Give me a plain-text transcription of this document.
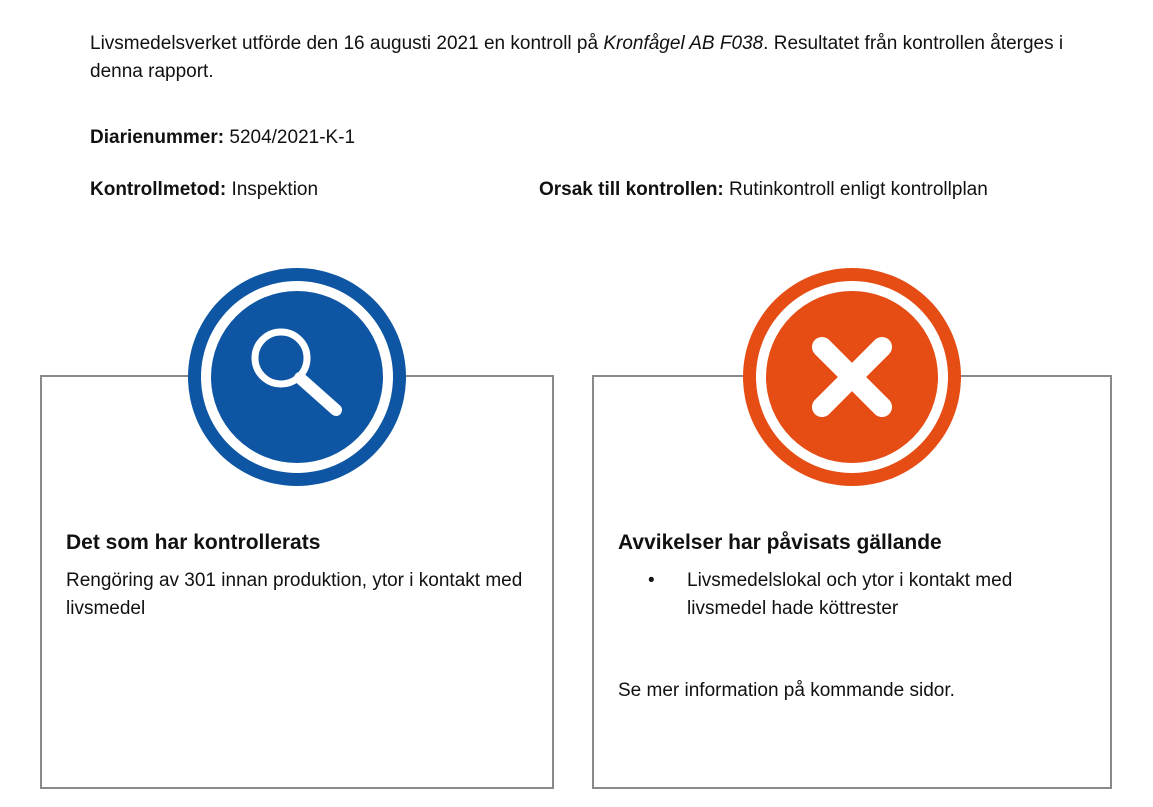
Livsmedelsverket utförde den 16 augusti 2021 en kontroll på Kronfågel AB F038. Resultatet från kontrollen återges i denna rapport.

Diarienummer: 5204/2021-K-1

Kontrollmetod: Inspektion	Orsak till kontrollen: Rutinkontroll enligt kontrollplan

Det som har kontrollerats

Rengöring av 301 innan produktion, ytor i kontakt med livsmedel

Avvikelser har påvisats gällande
• Livsmedelslokal och ytor i kontakt med livsmedel hade köttrester

Se mer information på kommande sidor.
